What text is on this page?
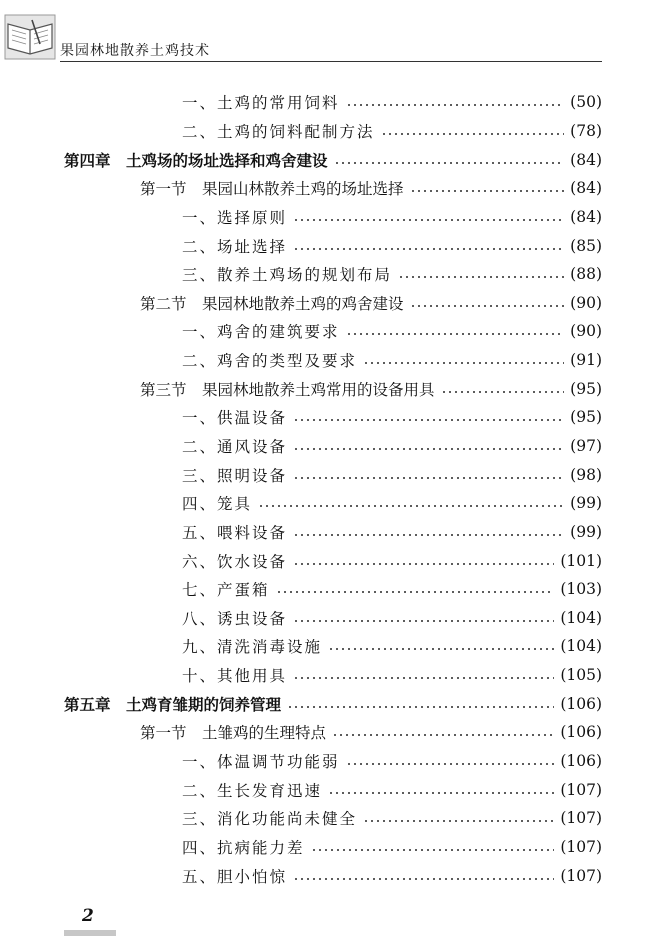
果园林地散养土鸡技术
一、土鸡的常用饲料	(50)
二、土鸡的饲料配制方法	(78)
第四章　土鸡场的场址选择和鸡舍建设	(84)
第一节　果园山林散养土鸡的场址选择	(84)
一、选择原则	(84)
二、场址选择	(85)
三、散养土鸡场的规划布局	(88)
第二节　果园林地散养土鸡的鸡舍建设	(90)
一、鸡舍的建筑要求	(90)
二、鸡舍的类型及要求	(91)
第三节　果园林地散养土鸡常用的设备用具	(95)
一、供温设备	(95)
二、通风设备	(97)
三、照明设备	(98)
四、笼具	(99)
五、喂料设备	(99)
六、饮水设备	(101)
七、产蛋箱	(103)
八、诱虫设备	(104)
九、清洗消毒设施	(104)
十、其他用具	(105)
第五章　土鸡育雏期的饲养管理	(106)
第一节　土雏鸡的生理特点	(106)
一、体温调节功能弱	(106)
二、生长发育迅速	(107)
三、消化功能尚未健全	(107)
四、抗病能力差	(107)
五、胆小怕惊	(107)
2
